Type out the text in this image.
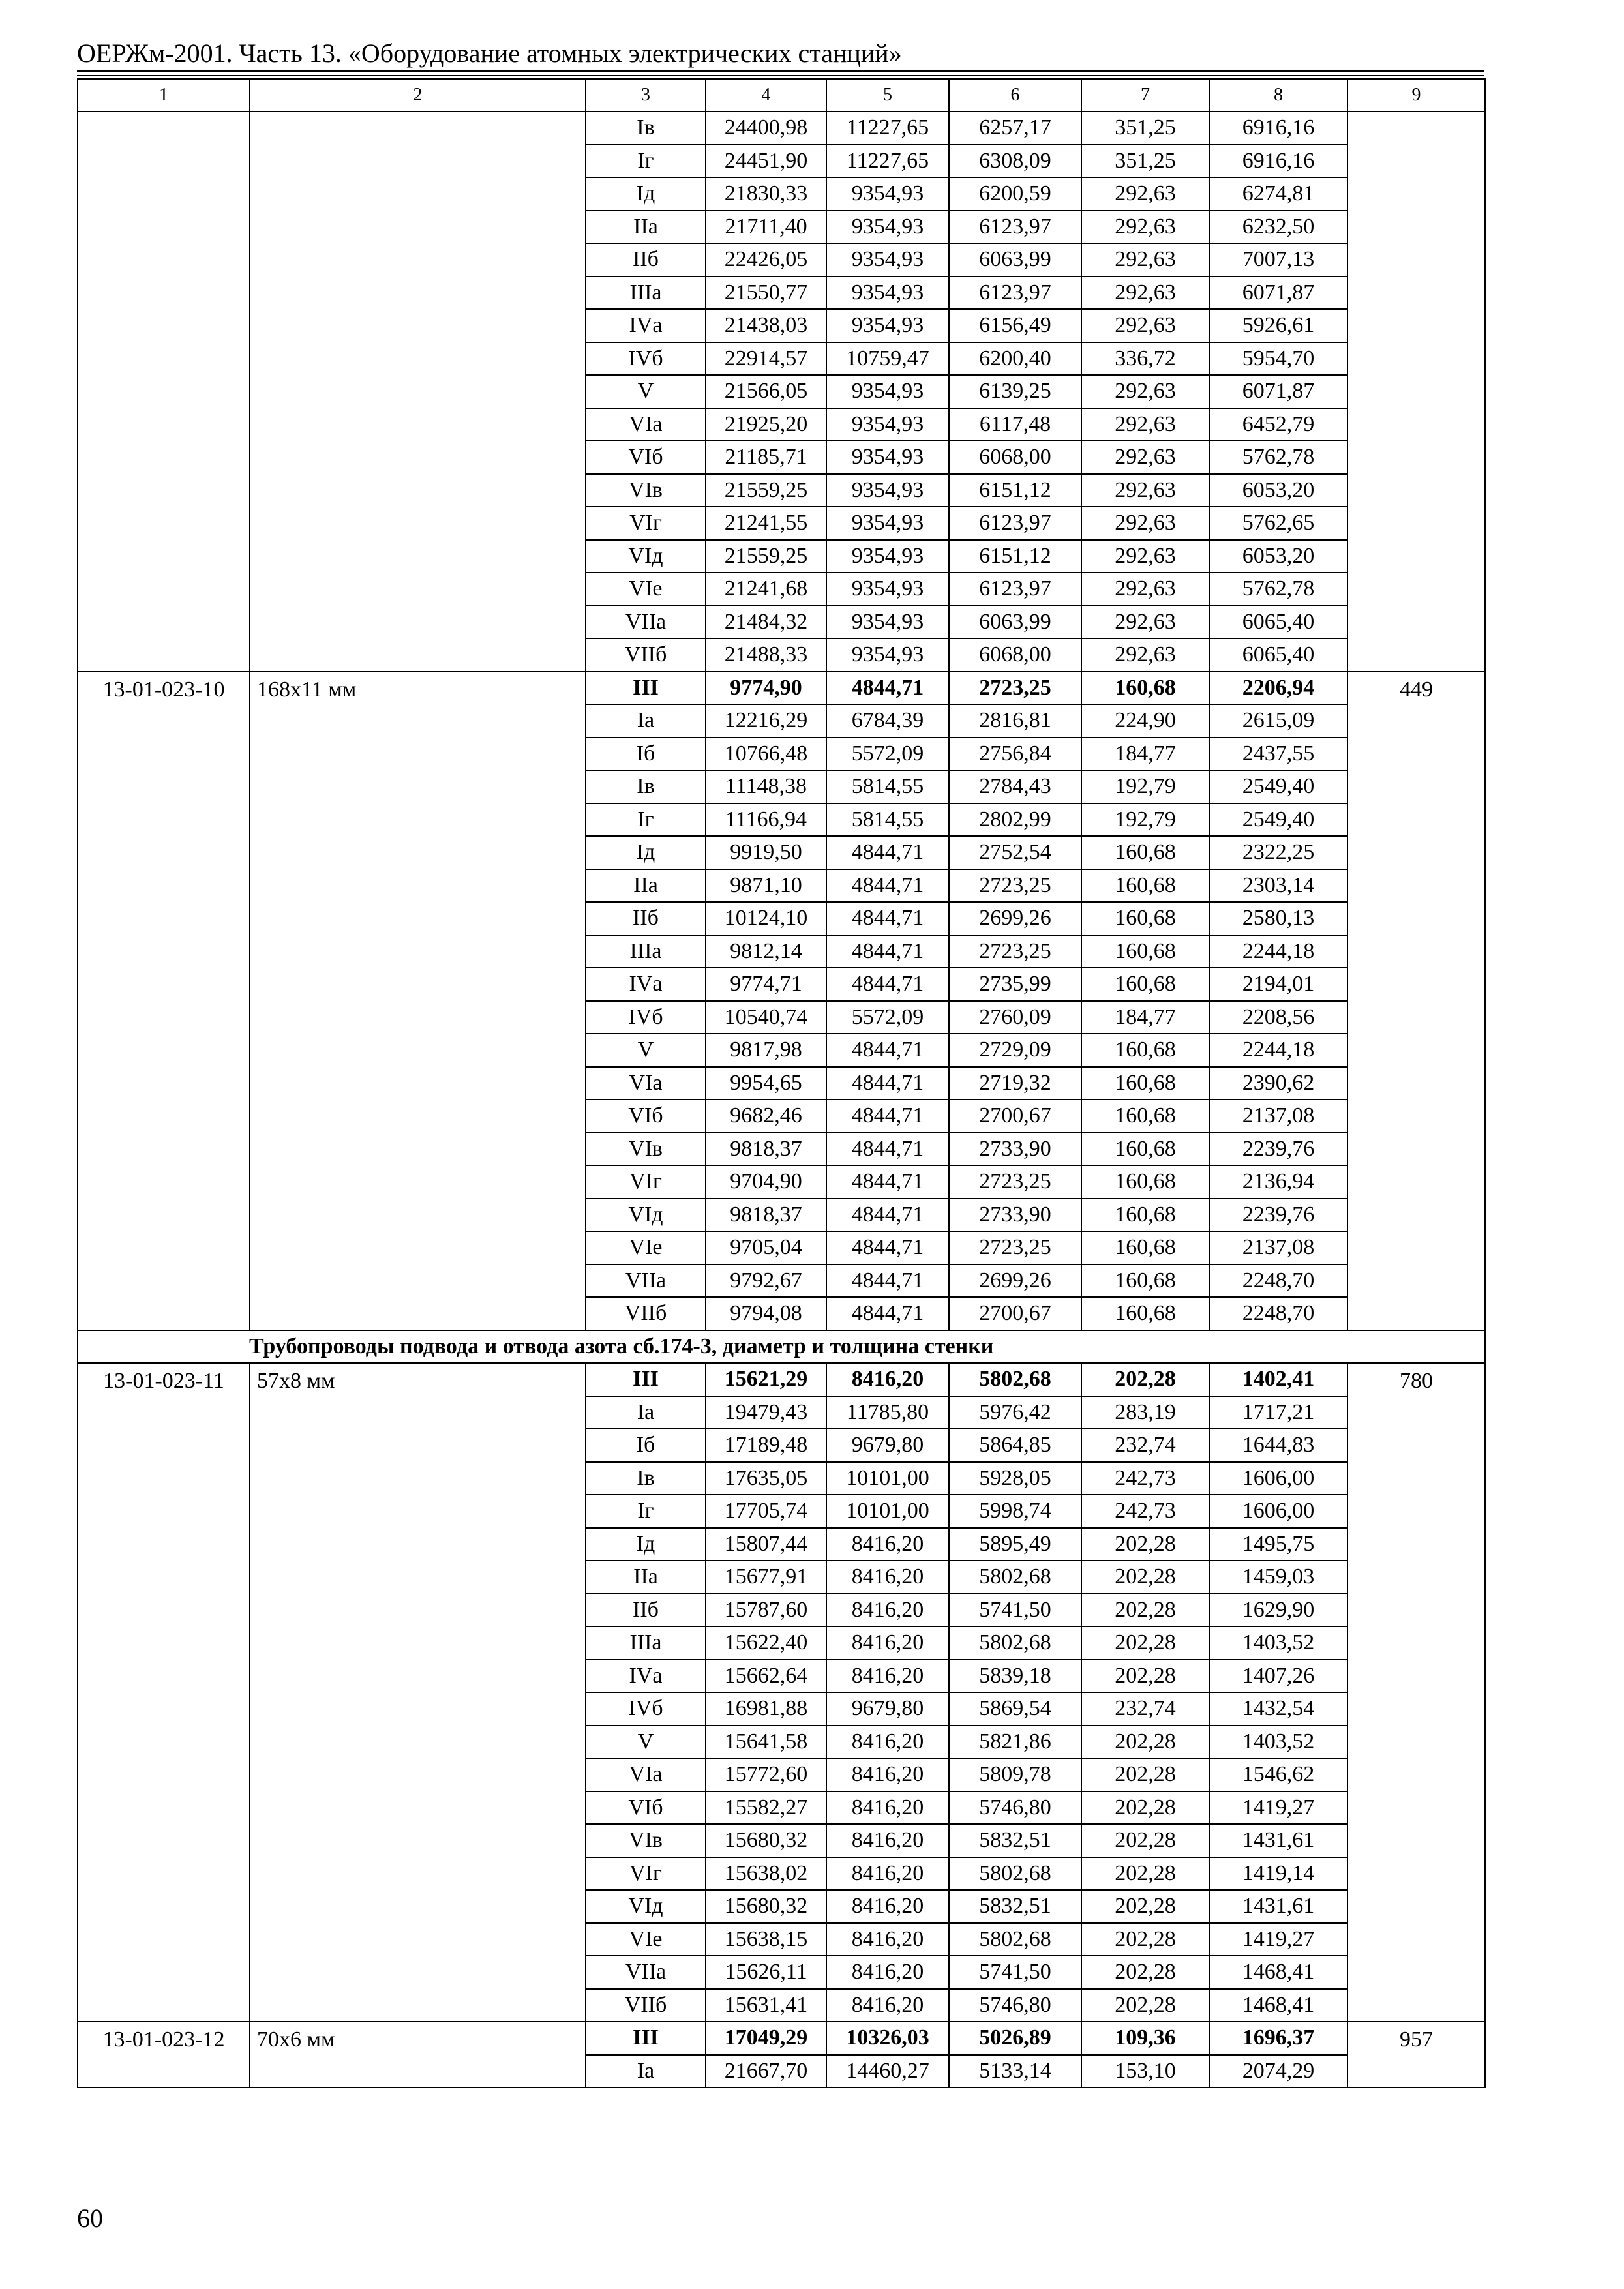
ОЕРЖм-2001. Часть 13. «Оборудование атомных электрических станций»
1	2	3	4	5	6	7	8	9
		Iв	24400,98	11227,65	6257,17	351,25	6916,16	
		Iг	24451,90	11227,65	6308,09	351,25	6916,16	
		Iд	21830,33	9354,93	6200,59	292,63	6274,81	
		IIа	21711,40	9354,93	6123,97	292,63	6232,50	
		IIб	22426,05	9354,93	6063,99	292,63	7007,13	
		IIIа	21550,77	9354,93	6123,97	292,63	6071,87	
		IVа	21438,03	9354,93	6156,49	292,63	5926,61	
		IVб	22914,57	10759,47	6200,40	336,72	5954,70	
		V	21566,05	9354,93	6139,25	292,63	6071,87	
		VIа	21925,20	9354,93	6117,48	292,63	6452,79	
		VIб	21185,71	9354,93	6068,00	292,63	5762,78	
		VIв	21559,25	9354,93	6151,12	292,63	6053,20	
		VIг	21241,55	9354,93	6123,97	292,63	5762,65	
		VIд	21559,25	9354,93	6151,12	292,63	6053,20	
		VIе	21241,68	9354,93	6123,97	292,63	5762,78	
		VIIа	21484,32	9354,93	6063,99	292,63	6065,40	
		VIIб	21488,33	9354,93	6068,00	292,63	6065,40	
13-01-023-10	168х11 мм	III	9774,90	4844,71	2723,25	160,68	2206,94	449
		Iа	12216,29	6784,39	2816,81	224,90	2615,09	
		Iб	10766,48	5572,09	2756,84	184,77	2437,55	
		Iв	11148,38	5814,55	2784,43	192,79	2549,40	
		Iг	11166,94	5814,55	2802,99	192,79	2549,40	
		Iд	9919,50	4844,71	2752,54	160,68	2322,25	
		IIа	9871,10	4844,71	2723,25	160,68	2303,14	
		IIб	10124,10	4844,71	2699,26	160,68	2580,13	
		IIIа	9812,14	4844,71	2723,25	160,68	2244,18	
		IVа	9774,71	4844,71	2735,99	160,68	2194,01	
		IVб	10540,74	5572,09	2760,09	184,77	2208,56	
		V	9817,98	4844,71	2729,09	160,68	2244,18	
		VIа	9954,65	4844,71	2719,32	160,68	2390,62	
		VIб	9682,46	4844,71	2700,67	160,68	2137,08	
		VIв	9818,37	4844,71	2733,90	160,68	2239,76	
		VIг	9704,90	4844,71	2723,25	160,68	2136,94	
		VIд	9818,37	4844,71	2733,90	160,68	2239,76	
		VIе	9705,04	4844,71	2723,25	160,68	2137,08	
		VIIа	9792,67	4844,71	2699,26	160,68	2248,70	
		VIIб	9794,08	4844,71	2700,67	160,68	2248,70	
Трубопроводы подвода и отвода азота сб.174-3, диаметр и толщина стенки								
13-01-023-11	57х8 мм	III	15621,29	8416,20	5802,68	202,28	1402,41	780
		Iа	19479,43	11785,80	5976,42	283,19	1717,21	
		Iб	17189,48	9679,80	5864,85	232,74	1644,83	
		Iв	17635,05	10101,00	5928,05	242,73	1606,00	
		Iг	17705,74	10101,00	5998,74	242,73	1606,00	
		Iд	15807,44	8416,20	5895,49	202,28	1495,75	
		IIа	15677,91	8416,20	5802,68	202,28	1459,03	
		IIб	15787,60	8416,20	5741,50	202,28	1629,90	
		IIIа	15622,40	8416,20	5802,68	202,28	1403,52	
		IVа	15662,64	8416,20	5839,18	202,28	1407,26	
		IVб	16981,88	9679,80	5869,54	232,74	1432,54	
		V	15641,58	8416,20	5821,86	202,28	1403,52	
		VIа	15772,60	8416,20	5809,78	202,28	1546,62	
		VIб	15582,27	8416,20	5746,80	202,28	1419,27	
		VIв	15680,32	8416,20	5832,51	202,28	1431,61	
		VIг	15638,02	8416,20	5802,68	202,28	1419,14	
		VIд	15680,32	8416,20	5832,51	202,28	1431,61	
		VIе	15638,15	8416,20	5802,68	202,28	1419,27	
		VIIа	15626,11	8416,20	5741,50	202,28	1468,41	
		VIIб	15631,41	8416,20	5746,80	202,28	1468,41	
13-01-023-12	70х6 мм	III	17049,29	10326,03	5026,89	109,36	1696,37	957
		Iа	21667,70	14460,27	5133,14	153,10	2074,29	
60
